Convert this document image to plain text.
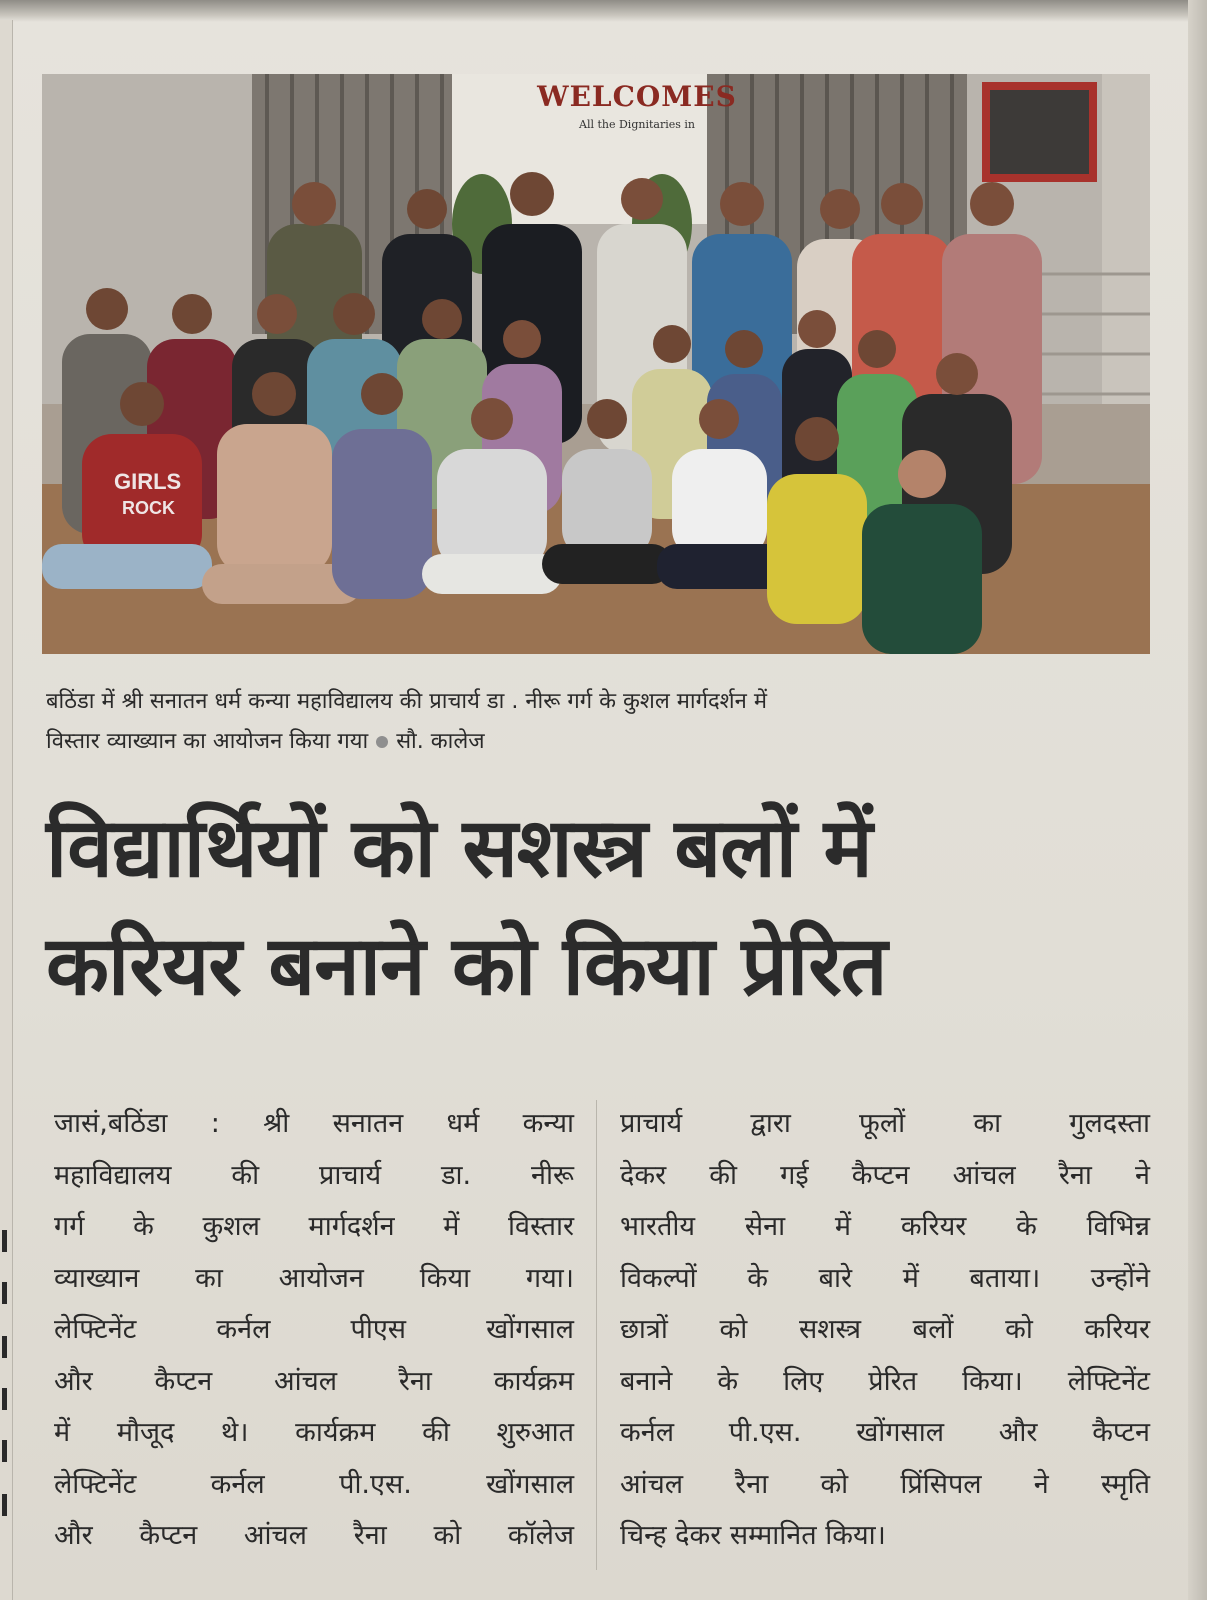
GIRLS
ROCK
WELCOMES
All the Dignitaries in
बठिंडा में श्री सनातन धर्म कन्या महाविद्यालय की प्राचार्य डा . नीरू गर्ग के कुशल मार्गदर्शन में
विस्तार व्याख्यान का आयोजन किया गया सौ. कालेज
विद्यार्थियों को सशस्त्र बलों में
करियर बनाने को किया प्रेरित
जासं,बठिंडा : श्री सनातन धर्म कन्या
महाविद्यालय की प्राचार्य डा. नीरू
गर्ग के कुशल मार्गदर्शन में विस्तार
व्याख्यान का आयोजन किया गया।
लेफ्टिनेंट कर्नल पीएस खोंगसाल
और कैप्टन आंचल रैना कार्यक्रम
में मौजूद थे। कार्यक्रम की शुरुआत
लेफ्टिनेंट कर्नल पी.एस. खोंगसाल
और कैप्टन आंचल रैना को कॉलेज
प्राचार्य द्वारा फूलों का गुलदस्ता
देकर की गई कैप्टन आंचल रैना ने
भारतीय सेना में करियर के विभिन्न
विकल्पों के बारे में बताया। उन्होंने
छात्रों को सशस्त्र बलों को करियर
बनाने के लिए प्रेरित किया। लेफ्टिनेंट
कर्नल पी.एस. खोंगसाल और कैप्टन
आंचल रैना को प्रिंसिपल ने स्मृति
चिन्ह देकर सम्मानित किया।
